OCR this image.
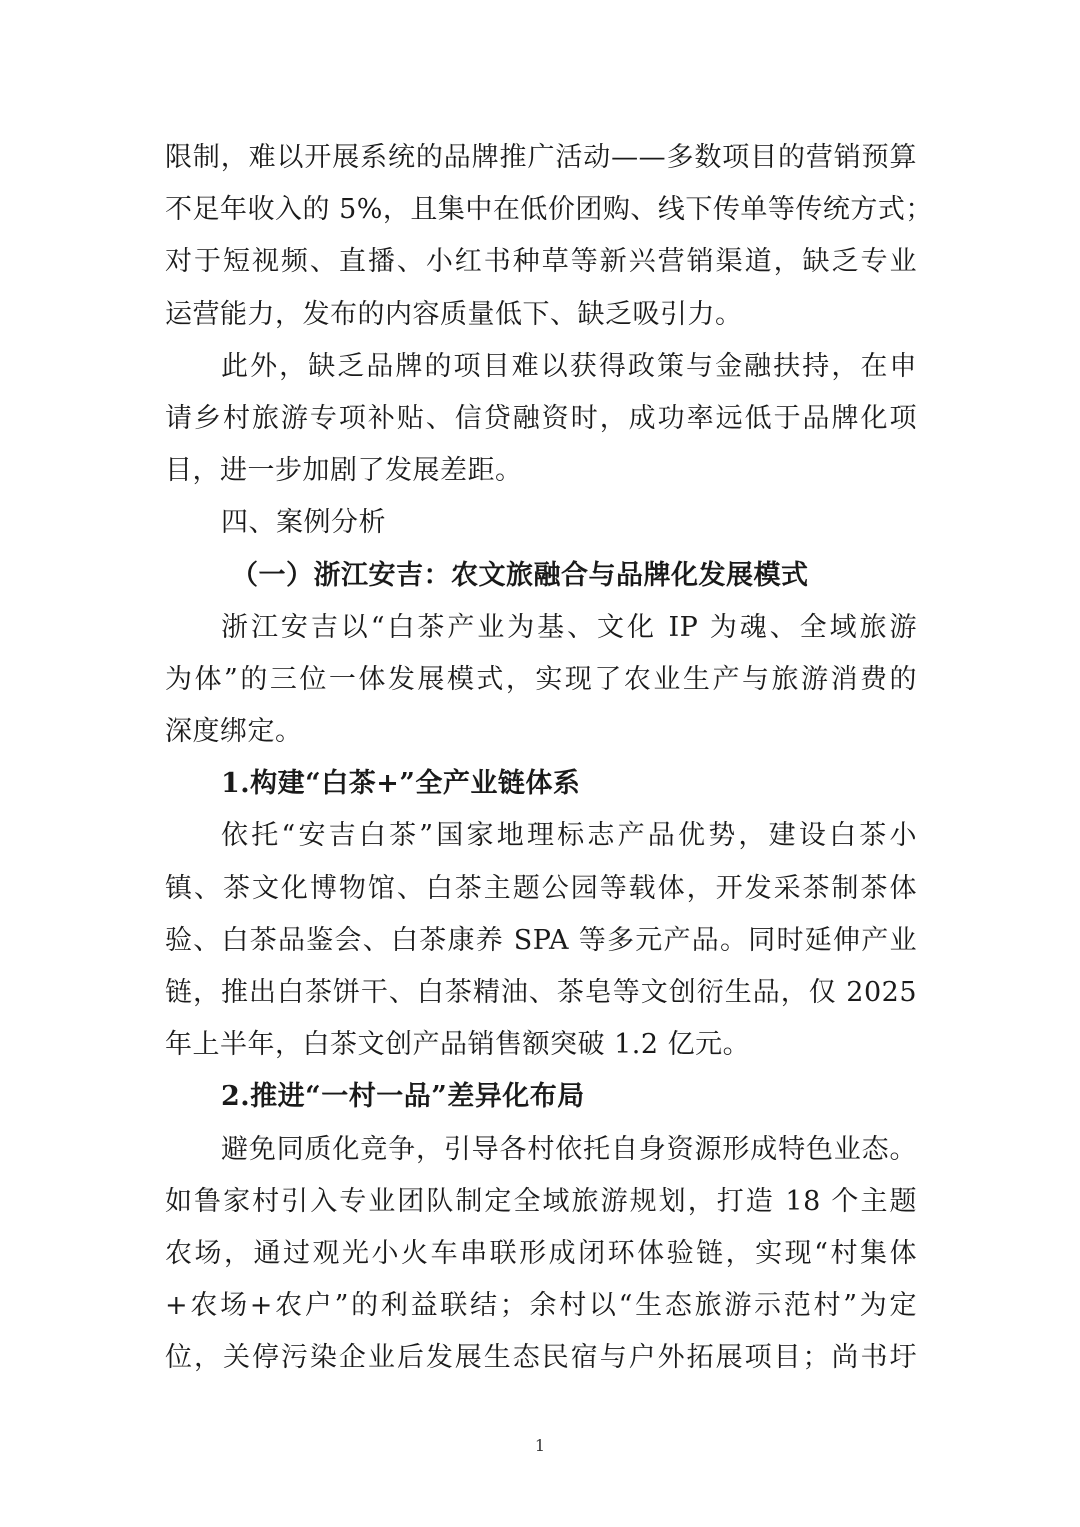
限制，难以开展系统的品牌推广活动——多数项目的营销预算
不足年收入的 5%，且集中在低价团购、线下传单等传统方式；
对于短视频、直播、小红书种草等新兴营销渠道，缺乏专业
运营能力，发布的内容质量低下、缺乏吸引力。
此外，缺乏品牌的项目难以获得政策与金融扶持，在申
请乡村旅游专项补贴、信贷融资时，成功率远低于品牌化项
目，进一步加剧了发展差距。
四、案例分析
（一）浙江安吉：农文旅融合与品牌化发展模式
浙江安吉以“白茶产业为基、文化 IP 为魂、全域旅游
为体”的三位一体发展模式，实现了农业生产与旅游消费的
深度绑定。
1.构建“白茶+”全产业链体系
依托“安吉白茶”国家地理标志产品优势，建设白茶小
镇、茶文化博物馆、白茶主题公园等载体，开发采茶制茶体
验、白茶品鉴会、白茶康养 SPA 等多元产品。同时延伸产业
链，推出白茶饼干、白茶精油、茶皂等文创衍生品，仅 2025
年上半年，白茶文创产品销售额突破 1.2 亿元。
2.推进“一村一品”差异化布局
避免同质化竞争，引导各村依托自身资源形成特色业态。
如鲁家村引入专业团队制定全域旅游规划，打造 18 个主题
农场，通过观光小火车串联形成闭环体验链，实现“村集体
+农场+农户”的利益联结；余村以“生态旅游示范村”为定
位，关停污染企业后发展生态民宿与户外拓展项目；尚书圩
1
